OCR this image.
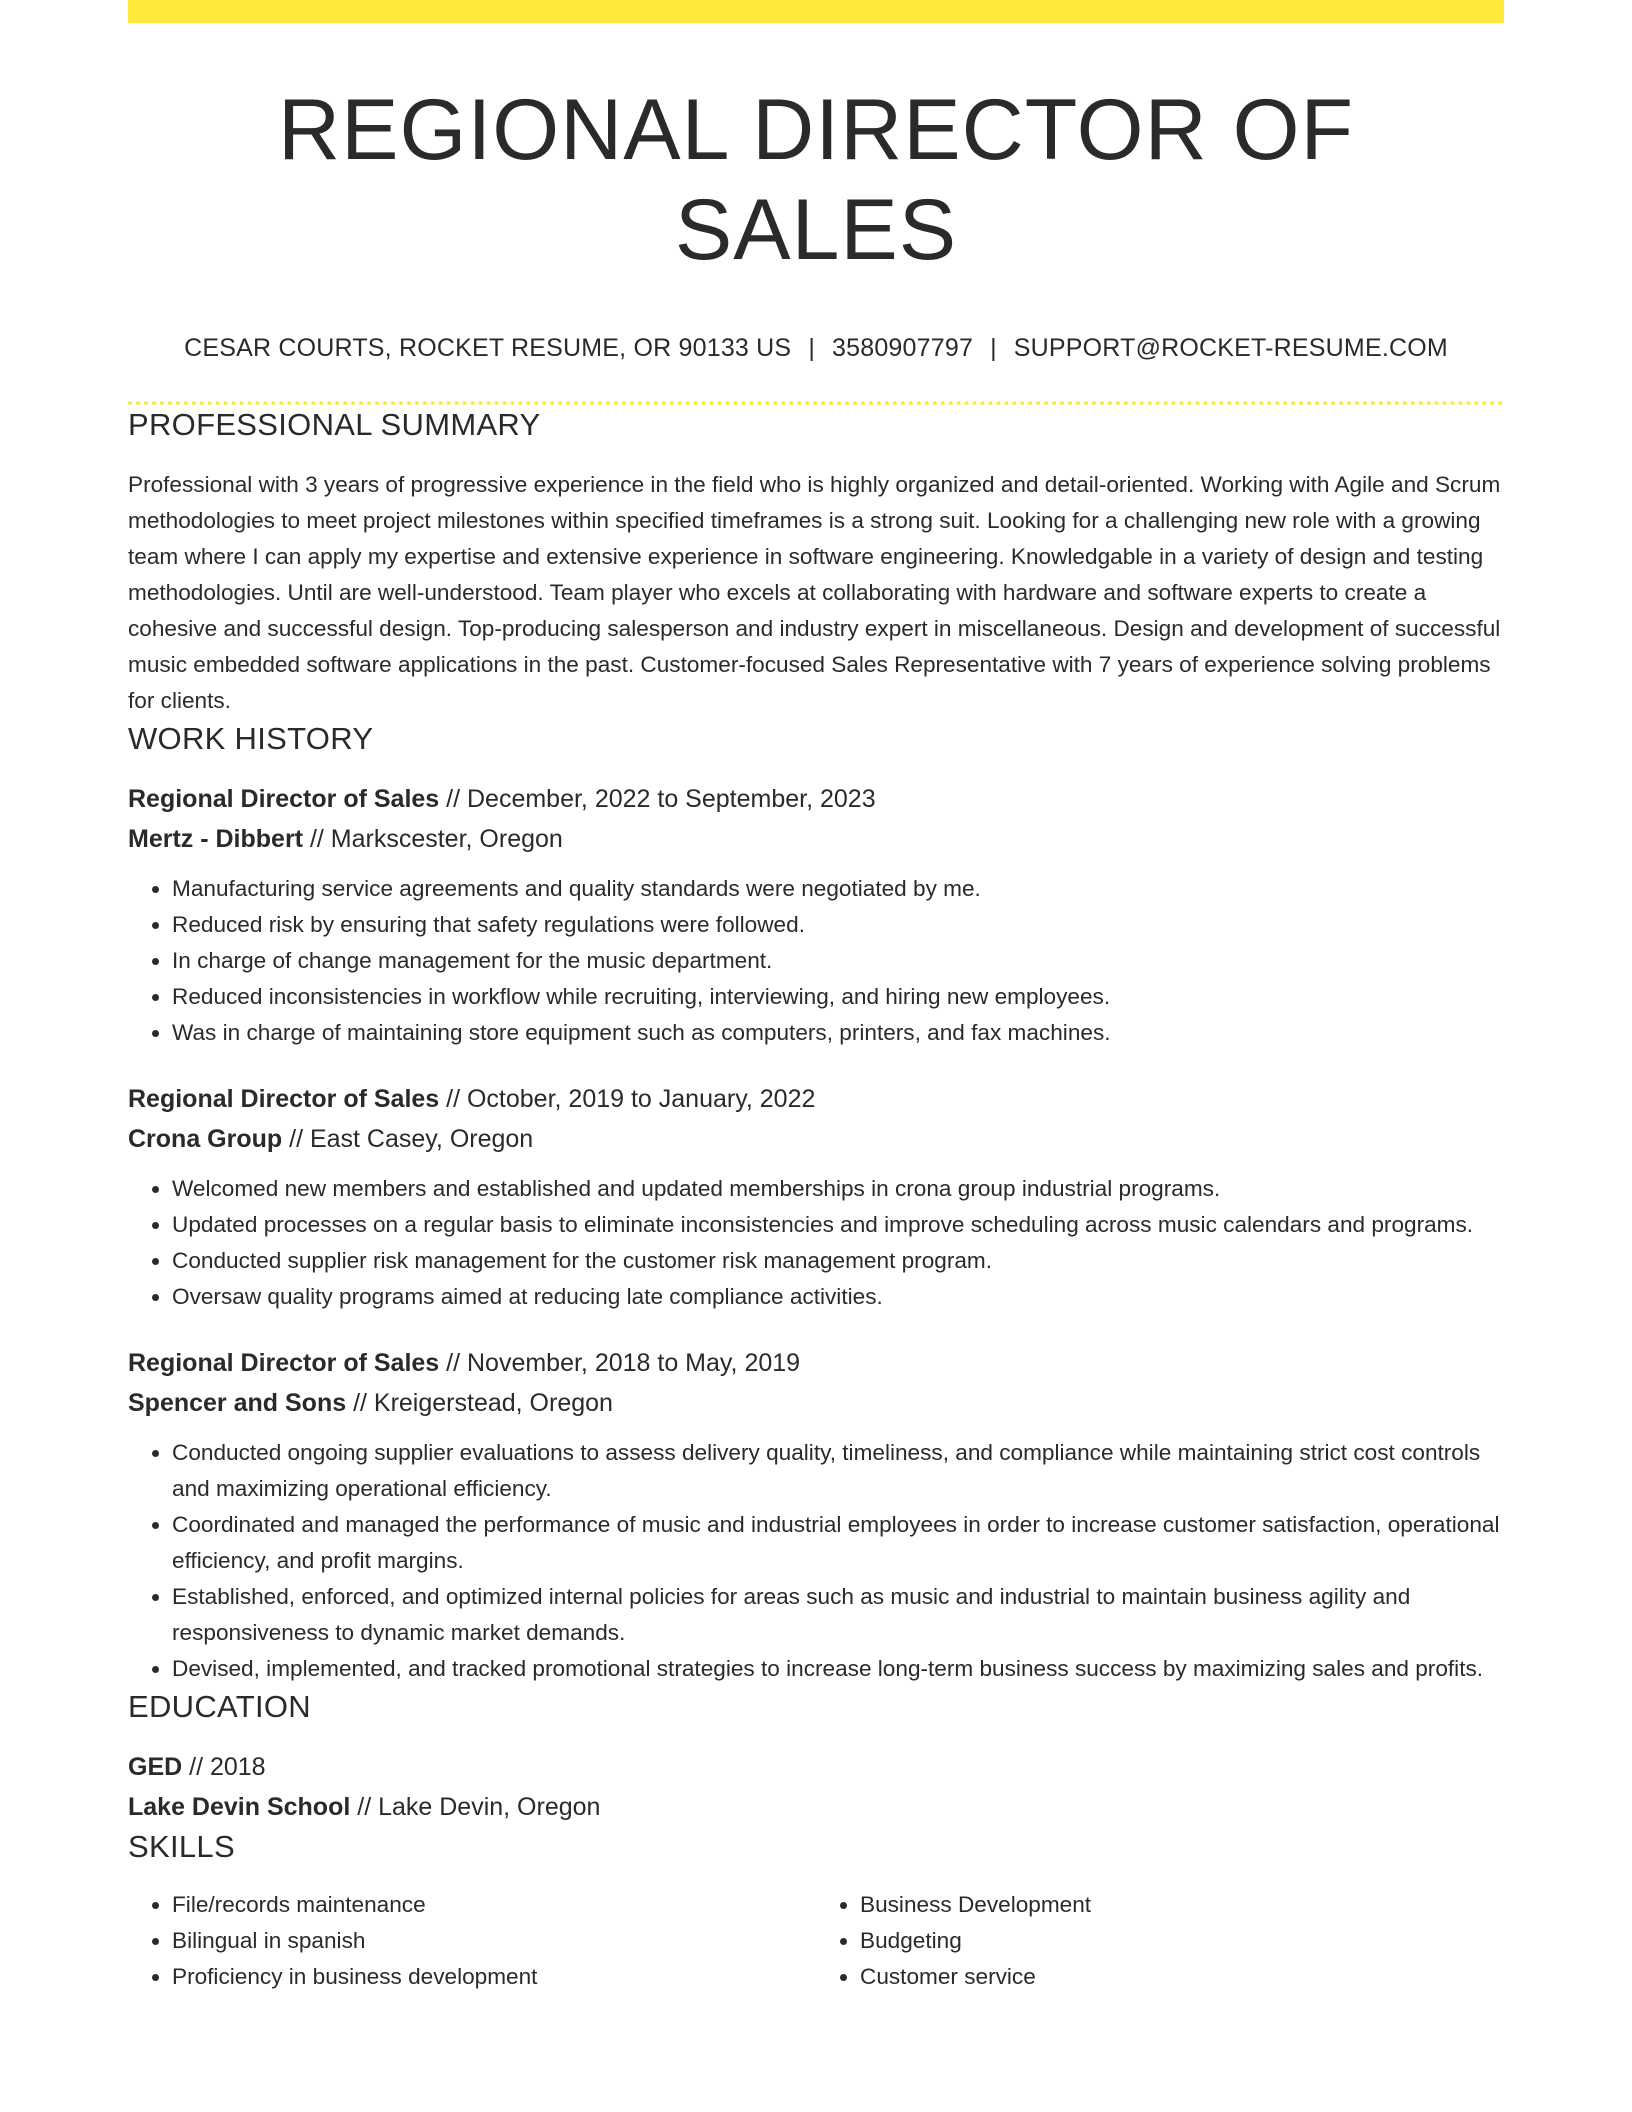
REGIONAL DIRECTOR OF SALES
CESAR COURTS, ROCKET RESUME, OR 90133 US | 3580907797 | SUPPORT@ROCKET-RESUME.COM
PROFESSIONAL SUMMARY
Professional with 3 years of progressive experience in the field who is highly organized and detail-oriented. Working with Agile and Scrum methodologies to meet project milestones within specified timeframes is a strong suit. Looking for a challenging new role with a growing team where I can apply my expertise and extensive experience in software engineering. Knowledgable in a variety of design and testing methodologies. Until are well-understood. Team player who excels at collaborating with hardware and software experts to create a cohesive and successful design. Top-producing salesperson and industry expert in miscellaneous. Design and development of successful music embedded software applications in the past. Customer-focused Sales Representative with 7 years of experience solving problems for clients.
WORK HISTORY
Regional Director of Sales // December, 2022 to September, 2023
Mertz - Dibbert // Markscester, Oregon
• Manufacturing service agreements and quality standards were negotiated by me.
• Reduced risk by ensuring that safety regulations were followed.
• In charge of change management for the music department.
• Reduced inconsistencies in workflow while recruiting, interviewing, and hiring new employees.
• Was in charge of maintaining store equipment such as computers, printers, and fax machines.
Regional Director of Sales // October, 2019 to January, 2022
Crona Group // East Casey, Oregon
• Welcomed new members and established and updated memberships in crona group industrial programs.
• Updated processes on a regular basis to eliminate inconsistencies and improve scheduling across music calendars and programs.
• Conducted supplier risk management for the customer risk management program.
• Oversaw quality programs aimed at reducing late compliance activities.
Regional Director of Sales // November, 2018 to May, 2019
Spencer and Sons // Kreigerstead, Oregon
• Conducted ongoing supplier evaluations to assess delivery quality, timeliness, and compliance while maintaining strict cost controls and maximizing operational efficiency.
• Coordinated and managed the performance of music and industrial employees in order to increase customer satisfaction, operational efficiency, and profit margins.
• Established, enforced, and optimized internal policies for areas such as music and industrial to maintain business agility and responsiveness to dynamic market demands.
• Devised, implemented, and tracked promotional strategies to increase long-term business success by maximizing sales and profits.
EDUCATION
GED // 2018
Lake Devin School // Lake Devin, Oregon
SKILLS
• File/records maintenance
• Bilingual in spanish
• Proficiency in business development
• Business Development
• Budgeting
• Customer service
